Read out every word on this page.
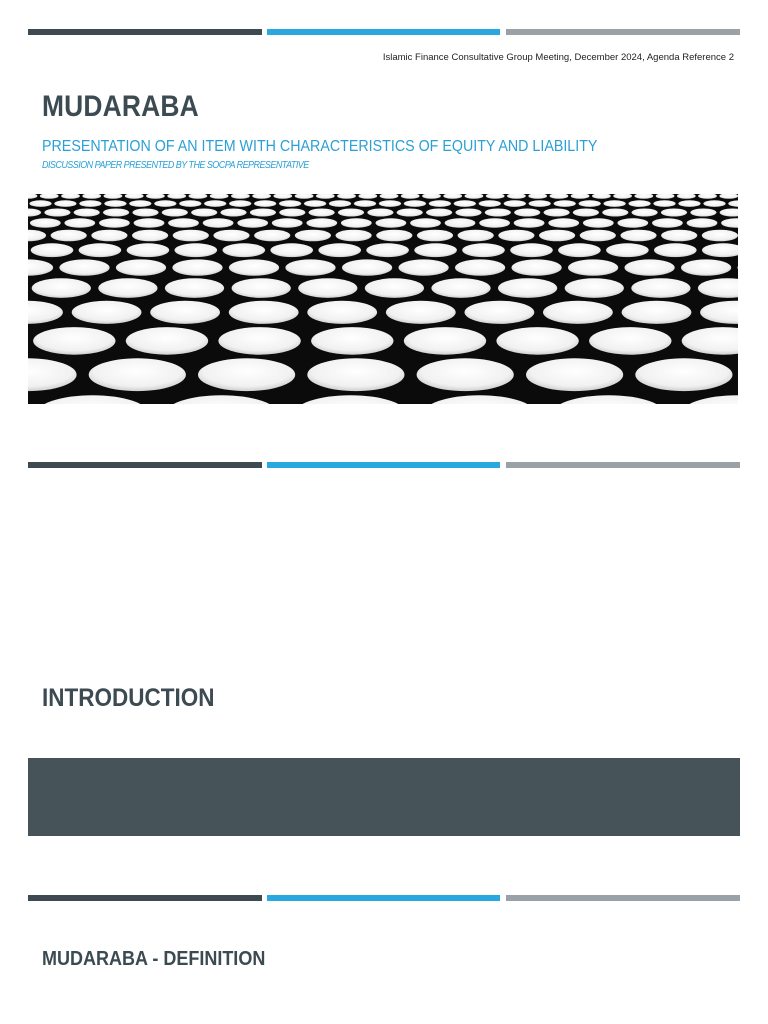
Islamic Finance Consultative Group Meeting, December 2024, Agenda Reference 2
MUDARABA
PRESENTATION OF AN ITEM WITH CHARACTERISTICS OF EQUITY AND LIABILITY
DISCUSSION PAPER PRESENTED BY THE SOCPA REPRESENTATIVE
INTRODUCTION
MUDARABA - DEFINITION
